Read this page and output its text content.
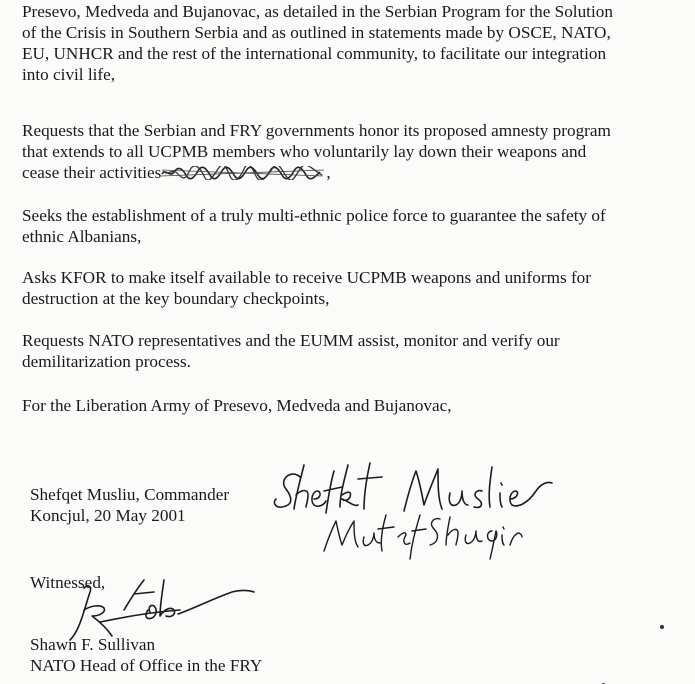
Presevo, Medveda and Bujanovac, as detailed in the Serbian Program for the Solution
of the Crisis in Southern Serbia and as outlined in statements made by OSCE, NATO,
EU, UNHCR and the rest of the international community, to facilitate our integration
into civil life,
Requests that the Serbian and FRY governments honor its proposed amnesty program
that extends to all UCPMB members who voluntarily lay down their weapons and
cease their activities	,
Seeks the establishment of a truly multi-ethnic police force to guarantee the safety of
ethnic Albanians,
Asks KFOR to make itself available to receive UCPMB weapons and uniforms for
destruction at the key boundary checkpoints,
Requests NATO representatives and the EUMM assist, monitor and verify our
demilitarization process.
For the Liberation Army of Presevo, Medveda and Bujanovac,
Shefqet Musliu, Commander
Koncjul, 20 May 2001
Witnessed,
Shawn F. Sullivan
NATO Head of Office in the FRY
